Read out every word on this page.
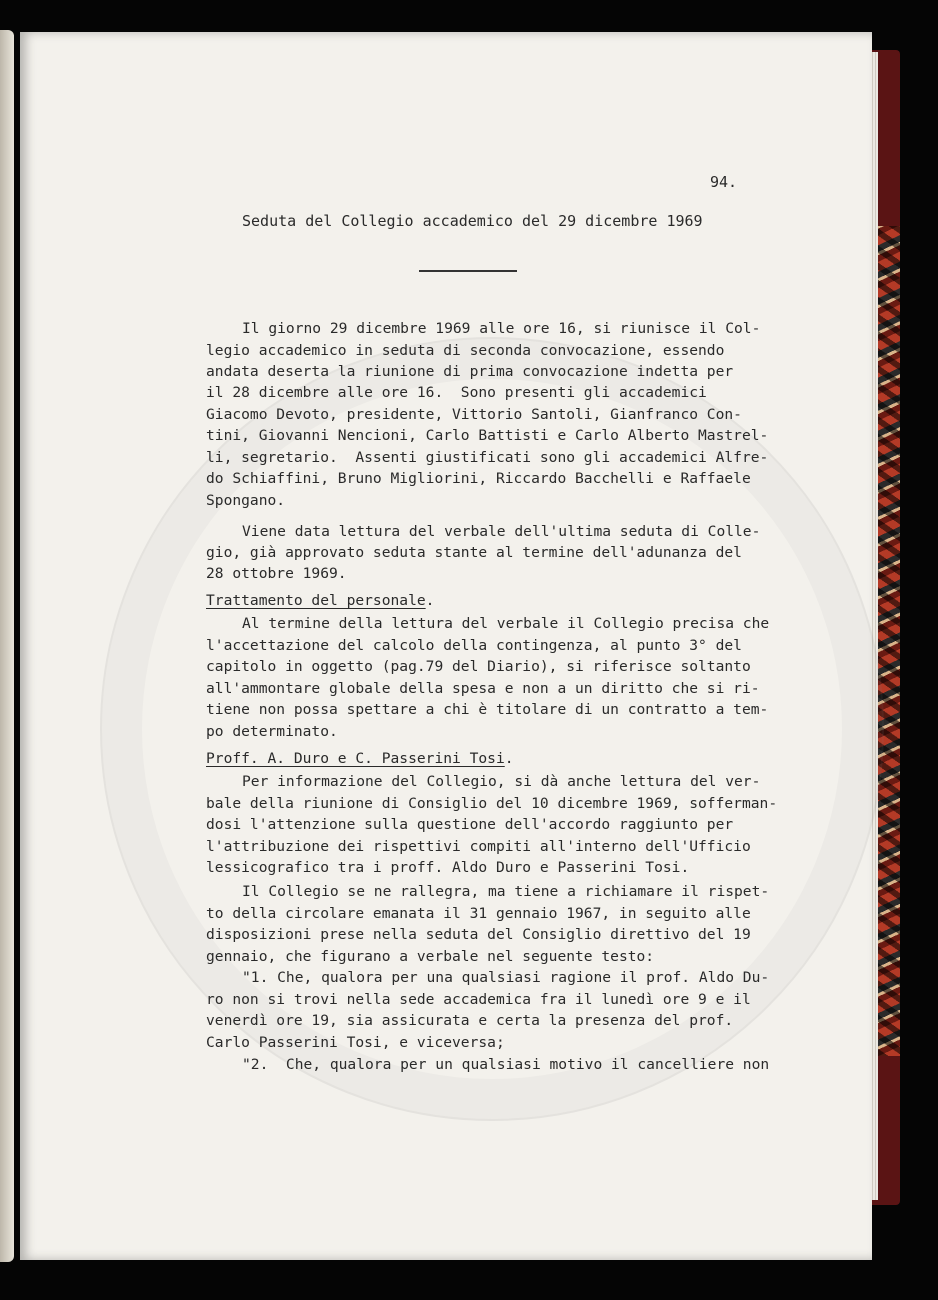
94.
Seduta del Collegio accademico del 29 dicembre 1969
Il giorno 29 dicembre 1969 alle ore 16, si riunisce il Col-
legio accademico in seduta di seconda convocazione, essendo
andata deserta la riunione di prima convocazione indetta per
il 28 dicembre alle ore 16.  Sono presenti gli accademici
Giacomo Devoto, presidente, Vittorio Santoli, Gianfranco Con-
tini, Giovanni Nencioni, Carlo Battisti e Carlo Alberto Mastrel-
li, segretario.  Assenti giustificati sono gli accademici Alfre-
do Schiaffini, Bruno Migliorini, Riccardo Bacchelli e Raffaele
Spongano.
Viene data lettura del verbale dell'ultima seduta di Colle-
gio, già approvato seduta stante al termine dell'adunanza del
28 ottobre 1969.
Trattamento del personale.
Al termine della lettura del verbale il Collegio precisa che
l'accettazione del calcolo della contingenza, al punto 3° del
capitolo in oggetto (pag.79 del Diario), si riferisce soltanto
all'ammontare globale della spesa e non a un diritto che si ri-
tiene non possa spettare a chi è titolare di un contratto a tem-
po determinato.
Proff. A. Duro e C. Passerini Tosi.
Per informazione del Collegio, si dà anche lettura del ver-
bale della riunione di Consiglio del 10 dicembre 1969, sofferman-
dosi l'attenzione sulla questione dell'accordo raggiunto per
l'attribuzione dei rispettivi compiti all'interno dell'Ufficio
lessicografico tra i proff. Aldo Duro e Passerini Tosi.
Il Collegio se ne rallegra, ma tiene a richiamare il rispet-
to della circolare emanata il 31 gennaio 1967, in seguito alle
disposizioni prese nella seduta del Consiglio direttivo del 19
gennaio, che figurano a verbale nel seguente testo:
"1. Che, qualora per una qualsiasi ragione il prof. Aldo Du-
ro non si trovi nella sede accademica fra il lunedì ore 9 e il
venerdì ore 19, sia assicurata e certa la presenza del prof.
Carlo Passerini Tosi, e viceversa;
"2.  Che, qualora per un qualsiasi motivo il cancelliere non
